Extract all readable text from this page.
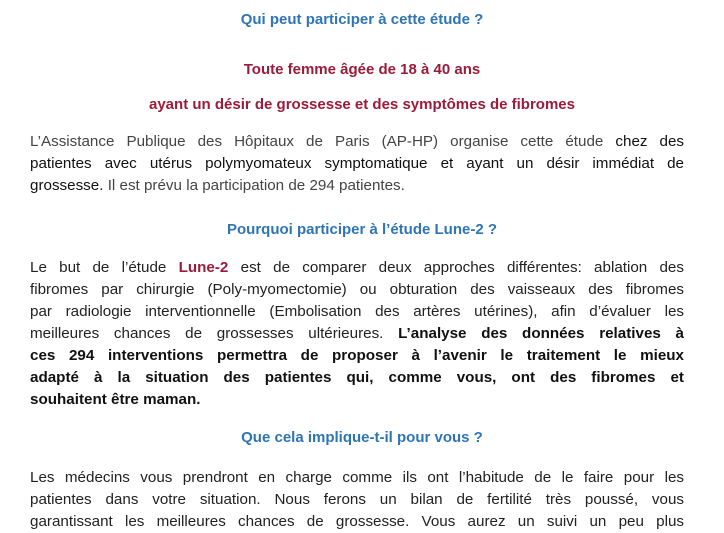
Qui peut participer à cette étude ?
Toute femme âgée de 18 à 40 ans
ayant un désir de grossesse et des symptômes de fibromes
L’Assistance Publique des Hôpitaux de Paris (AP-HP) organise cette étude chez des
patientes avec utérus polymyomateux symptomatique et ayant un désir immédiat de
grossesse. Il est prévu la participation de 294 patientes.
Pourquoi participer à l’étude Lune-2 ?
Le but de l’étude Lune-2 est de comparer deux approches différentes: ablation des
fibromes par chirurgie (Poly-myomectomie) ou obturation des vaisseaux des fibromes
par radiologie interventionnelle (Embolisation des artères utérines), afin d’évaluer les
meilleures chances de grossesses ultérieures. L’analyse des données relatives à
ces 294 interventions permettra de proposer à l’avenir le traitement le mieux
adapté à la situation des patientes qui, comme vous, ont des fibromes et
souhaitent être maman.
Que cela implique-t-il pour vous ?
Les médecins vous prendront en charge comme ils ont l’habitude de le faire pour les
patientes dans votre situation. Nous ferons un bilan de fertilité très poussé, vous
garantissant les meilleures chances de grossesse. Vous aurez un suivi un peu plus
